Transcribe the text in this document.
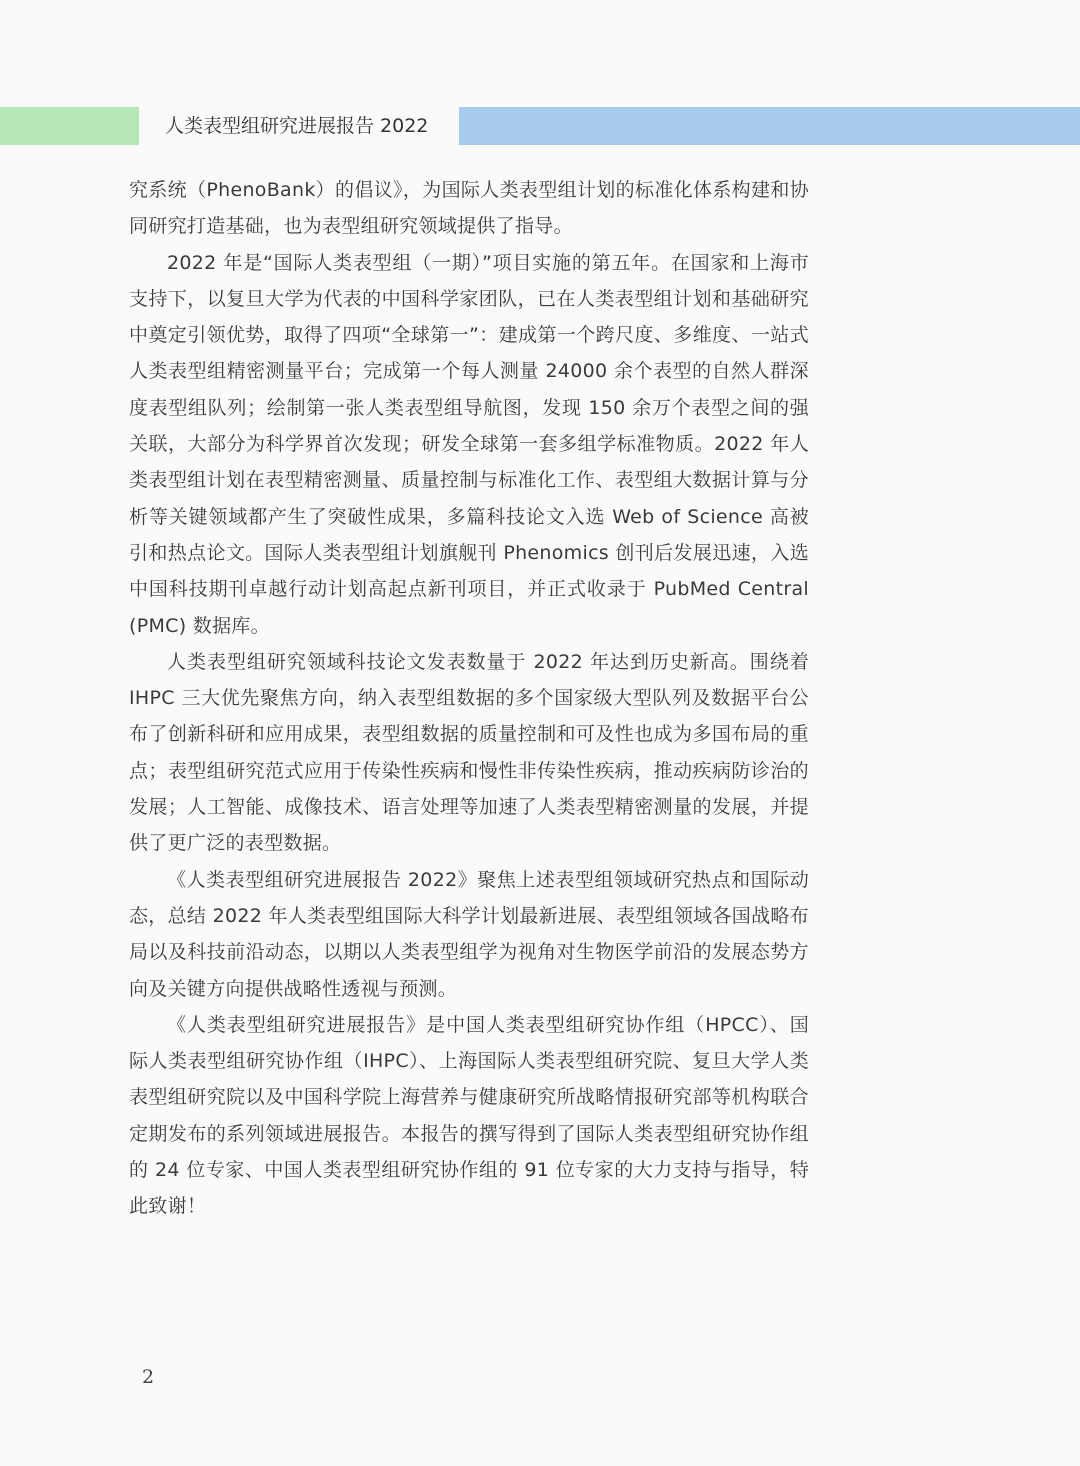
人类表型组研究进展报告 2022

究系统（PhenoBank）的倡议》，为国际人类表型组计划的标准化体系构建和协同研究打造基础，也为表型组研究领域提供了指导。

2022 年是“国际人类表型组（一期）”项目实施的第五年。在国家和上海市支持下，以复旦大学为代表的中国科学家团队，已在人类表型组计划和基础研究中奠定引领优势，取得了四项“全球第一”：建成第一个跨尺度、多维度、一站式人类表型组精密测量平台；完成第一个每人测量 24000 余个表型的自然人群深度表型组队列；绘制第一张人类表型组导航图，发现 150 余万个表型之间的强关联，大部分为科学界首次发现；研发全球第一套多组学标准物质。2022 年人类表型组计划在表型精密测量、质量控制与标准化工作、表型组大数据计算与分析等关键领域都产生了突破性成果，多篇科技论文入选 Web of Science 高被引和热点论文。国际人类表型组计划旗舰刊 Phenomics 创刊后发展迅速，入选中国科技期刊卓越行动计划高起点新刊项目，并正式收录于 PubMed Central (PMC) 数据库。

人类表型组研究领域科技论文发表数量于 2022 年达到历史新高。围绕着 IHPC 三大优先聚焦方向，纳入表型组数据的多个国家级大型队列及数据平台公布了创新科研和应用成果，表型组数据的质量控制和可及性也成为多国布局的重点；表型组研究范式应用于传染性疾病和慢性非传染性疾病，推动疾病防诊治的发展；人工智能、成像技术、语言处理等加速了人类表型精密测量的发展，并提供了更广泛的表型数据。

《人类表型组研究进展报告 2022》聚焦上述表型组领域研究热点和国际动态，总结 2022 年人类表型组国际大科学计划最新进展、表型组领域各国战略布局以及科技前沿动态，以期以人类表型组学为视角对生物医学前沿的发展态势方向及关键方向提供战略性透视与预测。

《人类表型组研究进展报告》是中国人类表型组研究协作组（HPCC）、国际人类表型组研究协作组（IHPC）、上海国际人类表型组研究院、复旦大学人类表型组研究院以及中国科学院上海营养与健康研究所战略情报研究部等机构联合定期发布的系列领域进展报告。本报告的撰写得到了国际人类表型组研究协作组的 24 位专家、中国人类表型组研究协作组的 91 位专家的大力支持与指导，特此致谢！

2
